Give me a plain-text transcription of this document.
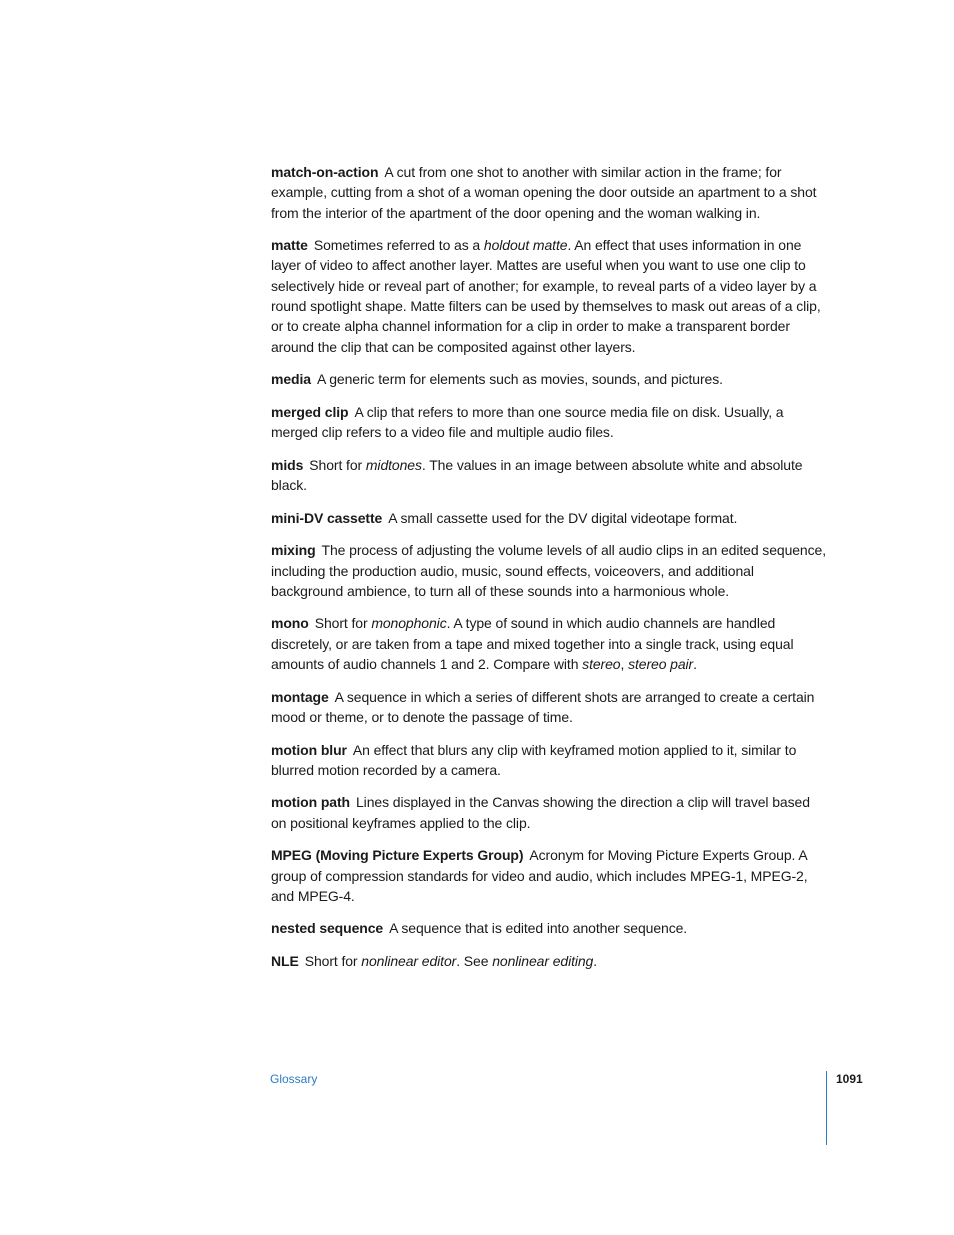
match-on-action A cut from one shot to another with similar action in the frame; for example, cutting from a shot of a woman opening the door outside an apartment to a shot from the interior of the apartment of the door opening and the woman walking in.

matte Sometimes referred to as a holdout matte. An effect that uses information in one layer of video to affect another layer. Mattes are useful when you want to use one clip to selectively hide or reveal part of another; for example, to reveal parts of a video layer by a round spotlight shape. Matte filters can be used by themselves to mask out areas of a clip, or to create alpha channel information for a clip in order to make a transparent border around the clip that can be composited against other layers.

media A generic term for elements such as movies, sounds, and pictures.

merged clip A clip that refers to more than one source media file on disk. Usually, a merged clip refers to a video file and multiple audio files.

mids Short for midtones. The values in an image between absolute white and absolute black.

mini-DV cassette A small cassette used for the DV digital videotape format.

mixing The process of adjusting the volume levels of all audio clips in an edited sequence, including the production audio, music, sound effects, voiceovers, and additional background ambience, to turn all of these sounds into a harmonious whole.

mono Short for monophonic. A type of sound in which audio channels are handled discretely, or are taken from a tape and mixed together into a single track, using equal amounts of audio channels 1 and 2. Compare with stereo, stereo pair.

montage A sequence in which a series of different shots are arranged to create a certain mood or theme, or to denote the passage of time.

motion blur An effect that blurs any clip with keyframed motion applied to it, similar to blurred motion recorded by a camera.

motion path Lines displayed in the Canvas showing the direction a clip will travel based on positional keyframes applied to the clip.

MPEG (Moving Picture Experts Group) Acronym for Moving Picture Experts Group. A group of compression standards for video and audio, which includes MPEG-1, MPEG-2, and MPEG-4.

nested sequence A sequence that is edited into another sequence.

NLE Short for nonlinear editor. See nonlinear editing.

Glossary	1091
